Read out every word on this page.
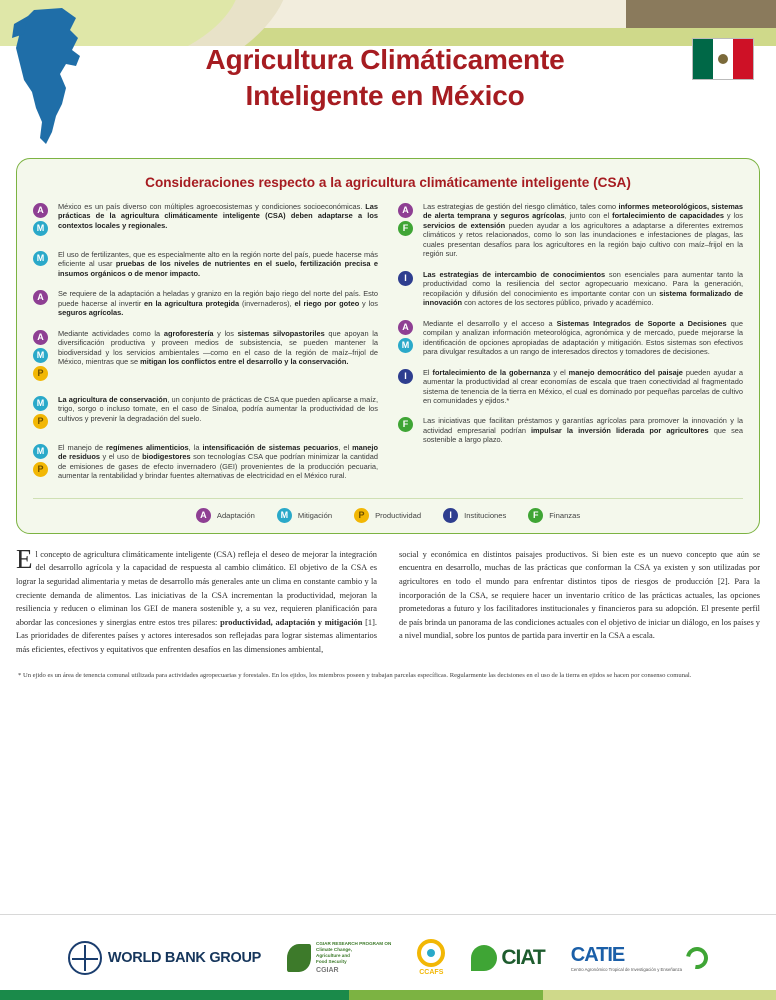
Agricultura Climáticamente
Inteligente en México
Consideraciones respecto a la agricultura climáticamente inteligente (CSA)
A
M
México es un país diverso con múltiples agroecosistemas y condiciones socioeconómicas. Las prácticas de la agricultura climáticamente inteligente (CSA) deben adaptarse a los contextos locales y regionales.
M	El uso de fertilizantes, que es especialmente alto en la región norte del país, puede hacerse más eficiente al usar pruebas de los niveles de nutrientes en el suelo, fertilización precisa e insumos orgánicos o de menor impacto.
A	Se requiere de la adaptación a heladas y granizo en la región bajo riego del norte del país. Esto puede hacerse al invertir en la agricultura protegida (invernaderos), el riego por goteo y los seguros agrícolas.
A
M
P
Mediante actividades como la agroforestería y los sistemas silvopastoriles que apoyan la diversificación productiva y proveen medios de subsistencia, se pueden mantener la biodiversidad y los servicios ambientales —como en el caso de la región de maíz–frijol de México, mientras que se mitigan los conflictos entre el desarrollo y la conservación.
M
P
La agricultura de conservación, un conjunto de prácticas de CSA que pueden aplicarse a maíz, trigo, sorgo o incluso tomate, en el caso de Sinaloa, podría aumentar la productividad de los cultivos y prevenir la degradación del suelo.
M
P
El manejo de regímenes alimenticios, la intensificación de sistemas pecuarios, el manejo de residuos y el uso de biodigestores son tecnologías CSA que podrían minimizar la cantidad de emisiones de gases de efecto invernadero (GEI) provenientes de la producción pecuaria, aumentar la rentabilidad y brindar fuentes alternativas de electricidad en el México rural.
A
F
Las estrategias de gestión del riesgo climático, tales como informes meteorológicos, sistemas de alerta temprana y seguros agrícolas, junto con el fortalecimiento de capacidades y los servicios de extensión pueden ayudar a los agricultores a adaptarse a diferentes extremos climáticos y retos relacionados, como lo son las inundaciones e infestaciones de plagas, las cuales presentan desafíos para los agricultores en la región bajo cultivo con maíz–frijol en la región sur.
I	Las estrategias de intercambio de conocimientos son esenciales para aumentar tanto la productividad como la resiliencia del sector agropecuario mexicano. Para la generación, recopilación y difusión del conocimiento es importante contar con un sistema formalizado de innovación con actores de los sectores público, privado y académico.
A
M
Mediante el desarrollo y el acceso a Sistemas Integrados de Soporte a Decisiones que compilan y analizan información meteorológica, agronómica y de mercado, puede mejorarse la identificación de opciones apropiadas de adaptación y mitigación. Estos sistemas son efectivos para divulgar resultados a un rango de interesados directos y tomadores de decisiones.
I	El fortalecimiento de la gobernanza y el manejo democrático del paisaje pueden ayudar a aumentar la productividad al crear economías de escala que traen conectividad al fragmentado sistema de tenencia de la tierra en México, el cual es dominado por pequeñas parcelas de cultivo en comunidades y ejidos.*
F	Las iniciativas que facilitan préstamos y garantías agrícolas para promover la innovación y la actividad empresarial podrían impulsar la inversión liderada por agricultores que sea sostenible a largo plazo.
A	Adaptación	M	Mitigación	P	Productividad	I	Instituciones	F	Finanzas
El concepto de agricultura climáticamente inteligente (CSA) refleja el deseo de mejorar la integración del desarrollo agrícola y la capacidad de respuesta al cambio climático. El objetivo de la CSA es lograr la seguridad alimentaria y metas de desarrollo más generales ante un clima en constante cambio y la creciente demanda de alimentos. Las iniciativas de la CSA incrementan la productividad, mejoran la resiliencia y reducen o eliminan los GEI de manera sostenible y, a su vez, requieren planificación para abordar las concesiones y sinergias entre estos tres pilares: productividad, adaptación y mitigación [1]. Las prioridades de diferentes países y actores interesados son reflejadas para lograr sistemas alimentarios más eficientes, efectivos y equitativos que enfrenten desafíos en las dimensiones ambiental,
social y económica en distintos paisajes productivos. Si bien este es un nuevo concepto que aún se encuentra en desarrollo, muchas de las prácticas que conforman la CSA ya existen y son utilizadas por agricultores en todo el mundo para enfrentar distintos tipos de riesgos de producción [2]. Para la incorporación de la CSA, se requiere hacer un inventario crítico de las prácticas actuales, las opciones prometedoras a futuro y los facilitadores institucionales y financieros para su adopción. El presente perfil de país brinda un panorama de las condiciones actuales con el objetivo de iniciar un diálogo, en los países y a nivel mundial, sobre los puntos de partida para invertir en la CSA a escala.
* Un ejido es un área de tenencia comunal utilizada para actividades agropecuarias y forestales. En los ejidos, los miembros poseen y trabajan parcelas específicas. Regularmente las decisiones en el uso de la tierra en ejidos se hacen por consenso comunal.
WORLD BANK GROUP
CGIAR RESEARCH PROGRAM ON
Climate Change,
Agriculture and
Food Security
CGIAR	CCAFS
CIAT CATIE
Centro Agronómico Tropical de Investigación y Enseñanza
